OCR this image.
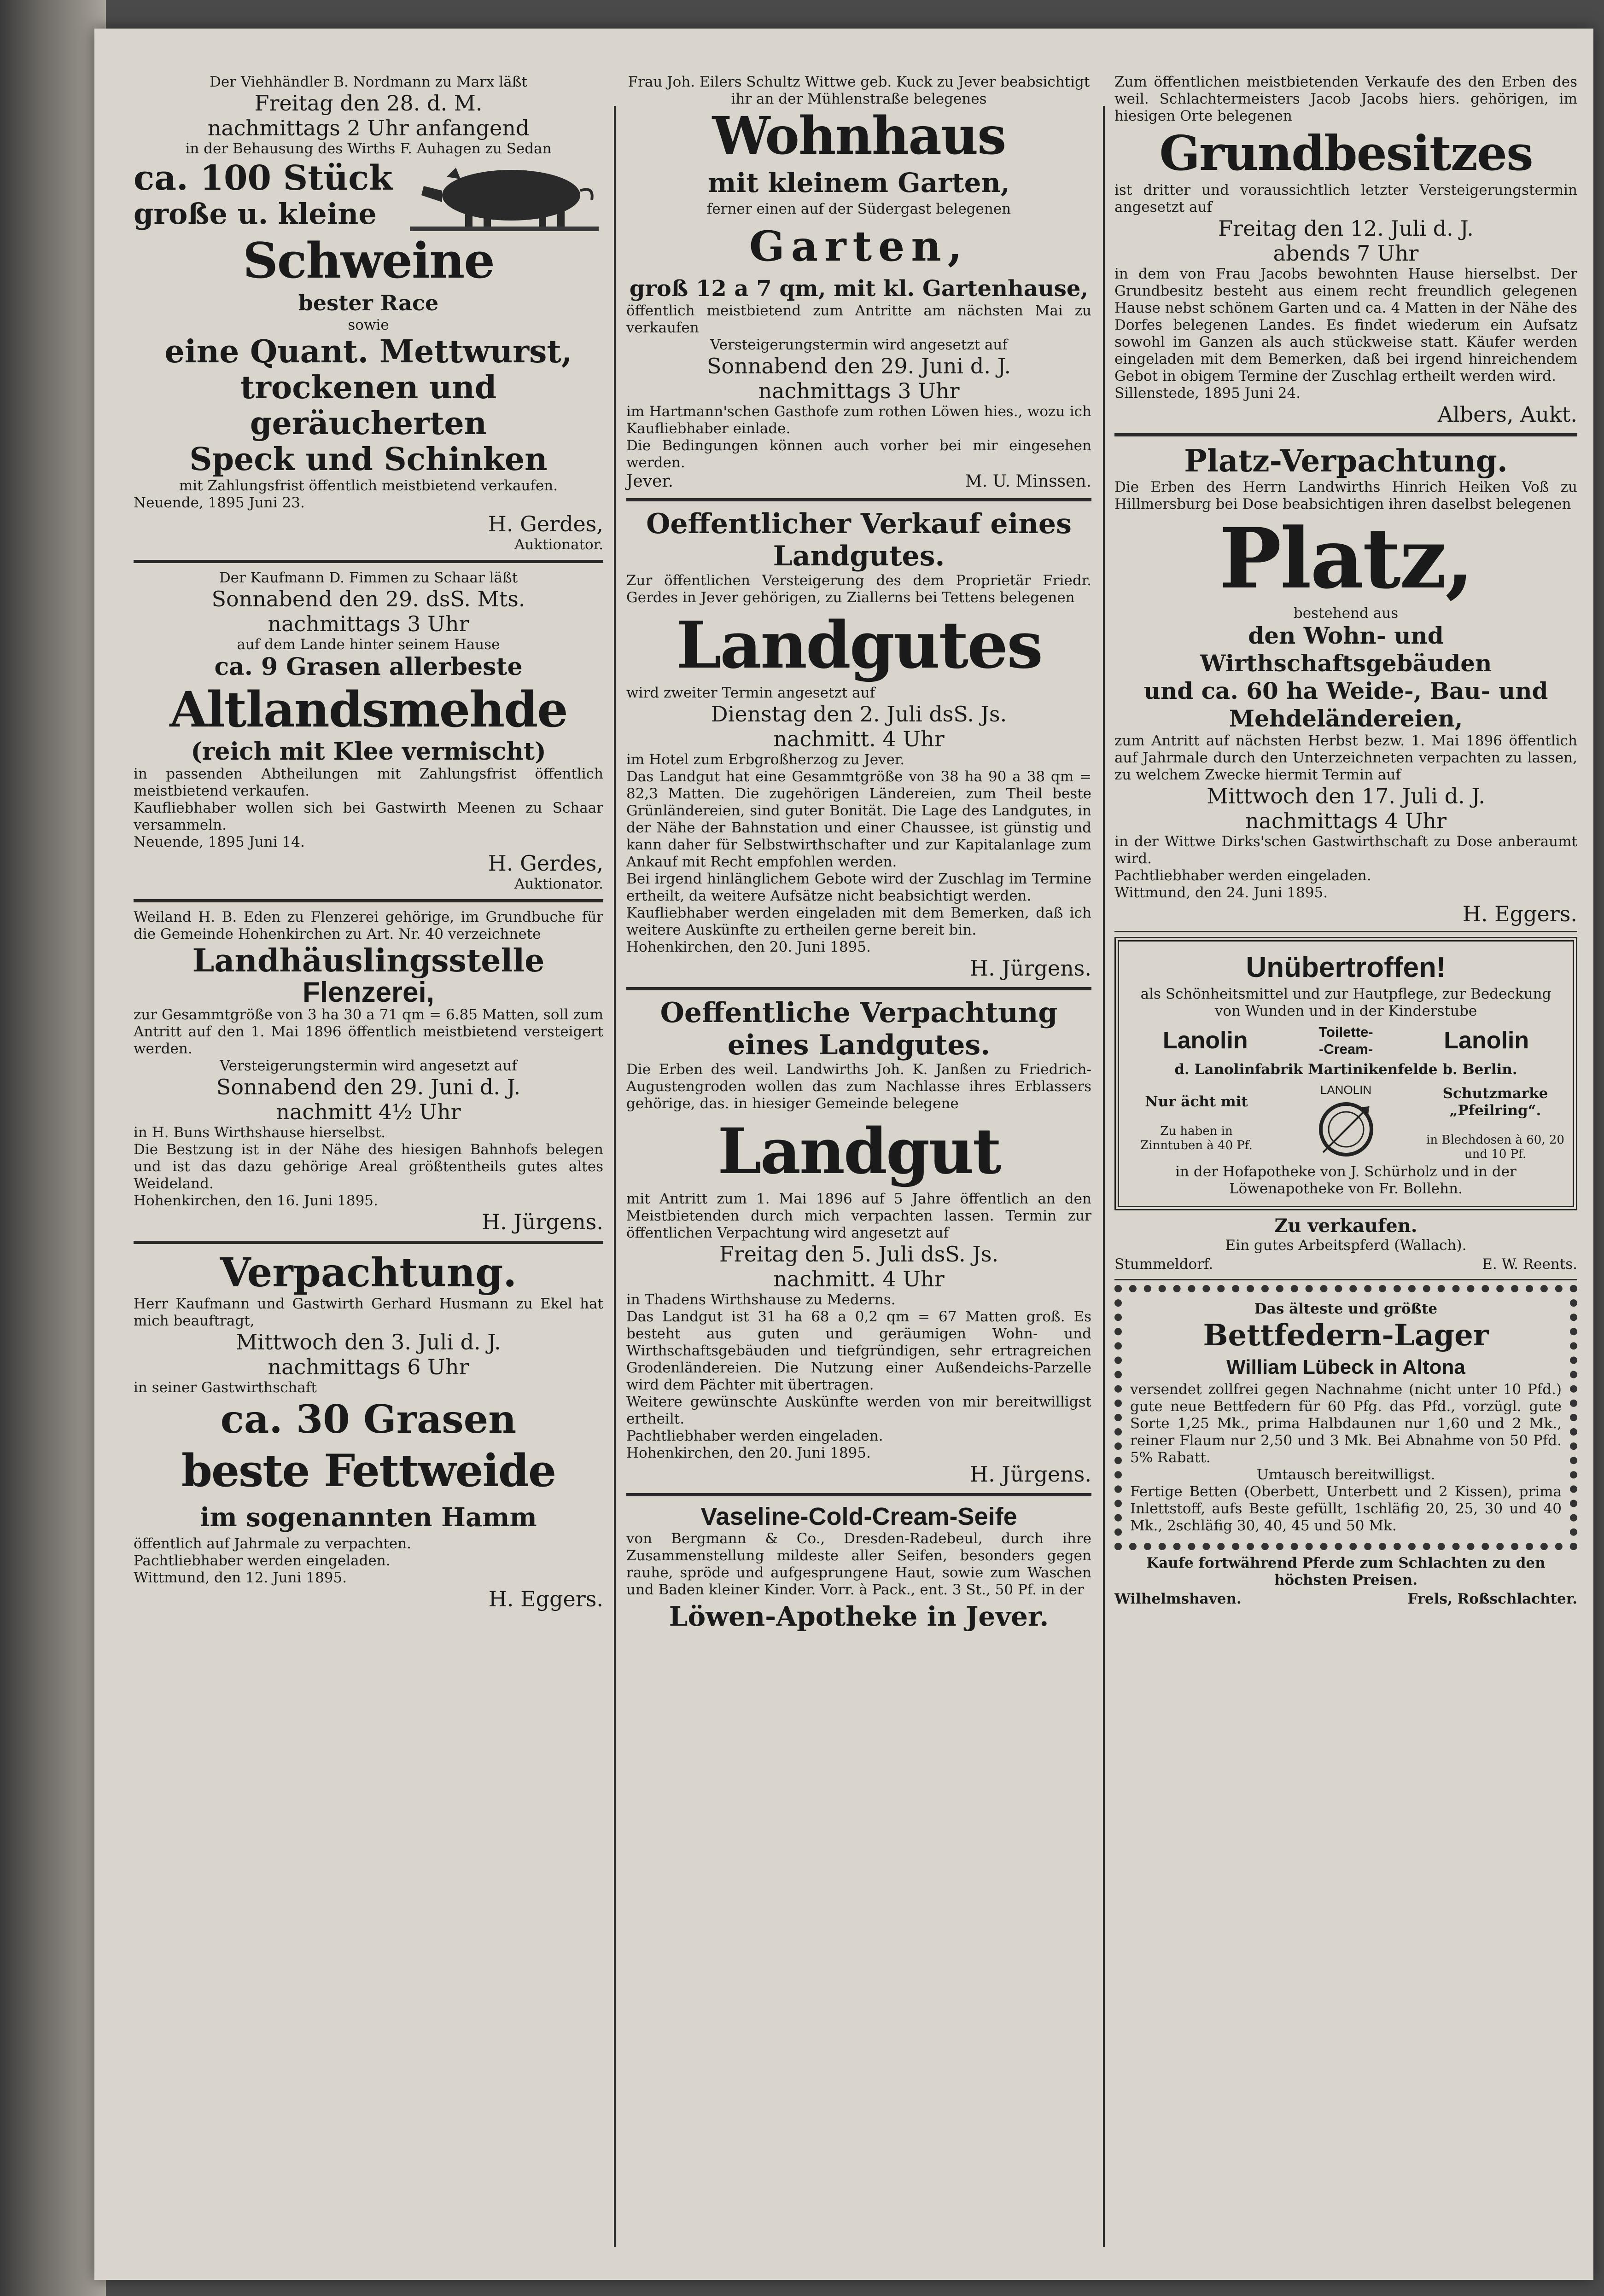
Der Viehhändler B. Nordmann zu Marx läßt

Freitag den 28. d. M.

nachmittags 2 Uhr anfangend

in der Behausung des Wirths F. Auhagen zu Sedan

ca. 100 Stück

große u. kleine

Schweine

bester Race

sowie

eine Quant. Mettwurst,

trockenen und geräucherten

Speck und Schinken

mit Zahlungsfrist öffentlich meistbietend verkaufen.

Neuende, 1895 Juni 23.

H. Gerdes,

Auktionator.

Der Kaufmann D. Fimmen zu Schaar läßt

Sonnabend den 29. dsS. Mts.

nachmittags 3 Uhr

auf dem Lande hinter seinem Hause

ca. 9 Grasen allerbeste

Altlandsmehde

(reich mit Klee vermischt)

in passenden Abtheilungen mit Zahlungsfrist öffentlich meistbietend verkaufen.

Kaufliebhaber wollen sich bei Gastwirth Meenen zu Schaar versammeln.

Neuende, 1895 Juni 14.

H. Gerdes,

Auktionator.

Weiland H. B. Eden zu Flenzerei gehörige, im Grundbuche für die Gemeinde Hohenkirchen zu Art. Nr. 40 verzeichnete

Landhäuslingsstelle

Flenzerei,

zur Gesammtgröße von 3 ha 30 a 71 qm = 6.85 Matten, soll zum Antritt auf den 1. Mai 1896 öffentlich meistbietend versteigert werden.

Versteigerungstermin wird angesetzt auf

Sonnabend den 29. Juni d. J.

nachmitt 4½ Uhr

in H. Buns Wirthshause hierselbst.

Die Bestzung ist in der Nähe des hiesigen Bahnhofs belegen und ist das dazu gehörige Areal größtentheils gutes altes Weideland.

Hohenkirchen, den 16. Juni 1895.

H. Jürgens.

Verpachtung.

Herr Kaufmann und Gastwirth Gerhard Husmann zu Ekel hat mich beauftragt,

Mittwoch den 3. Juli d. J.

nachmittags 6 Uhr

in seiner Gastwirthschaft

ca. 30 Grasen

beste Fettweide

im sogenannten Hamm

öffentlich auf Jahrmale zu verpachten.

Pachtliebhaber werden eingeladen.

Wittmund, den 12. Juni 1895.

H. Eggers.

Frau Joh. Eilers Schultz Wittwe geb. Kuck zu Jever beabsichtigt ihr an der Mühlenstraße belegenes

Wohnhaus

mit kleinem Garten,

ferner einen auf der Südergast belegenen

Garten,

groß 12 a 7 qm, mit kl. Gartenhause,

öffentlich meistbietend zum Antritte am nächsten Mai zu verkaufen

Versteigerungstermin wird angesetzt auf

Sonnabend den 29. Juni d. J.

nachmittags 3 Uhr

im Hartmann'schen Gasthofe zum rothen Löwen hies., wozu ich Kaufliebhaber einlade.

Die Bedingungen können auch vorher bei mir eingesehen werden.

Jever.	M. U. Minssen.

Oeffentlicher Verkauf eines Landgutes.

Zur öffentlichen Versteigerung des dem Proprietär Friedr. Gerdes in Jever gehörigen, zu Ziallerns bei Tettens belegenen

Landgutes

wird zweiter Termin angesetzt auf

Dienstag den 2. Juli dsS. Js.

nachmitt. 4 Uhr

im Hotel zum Erbgroßherzog zu Jever.

Das Landgut hat eine Gesammtgröße von 38 ha 90 a 38 qm = 82,3 Matten. Die zugehörigen Ländereien, zum Theil beste Grünländereien, sind guter Bonität. Die Lage des Landgutes, in der Nähe der Bahnstation und einer Chaussee, ist günstig und kann daher für Selbstwirthschafter und zur Kapitalanlage zum Ankauf mit Recht empfohlen werden.

Bei irgend hinlänglichem Gebote wird der Zuschlag im Termine ertheilt, da weitere Aufsätze nicht beabsichtigt werden.

Kaufliebhaber werden eingeladen mit dem Bemerken, daß ich weitere Auskünfte zu ertheilen gerne bereit bin.

Hohenkirchen, den 20. Juni 1895.

H. Jürgens.

Oeffentliche Verpachtung eines Landgutes.

Die Erben des weil. Landwirths Joh. K. Janßen zu Friedrich-Augustengroden wollen das zum Nachlasse ihres Erblassers gehörige, das. in hiesiger Gemeinde belegene

Landgut

mit Antritt zum 1. Mai 1896 auf 5 Jahre öffentlich an den Meistbietenden durch mich verpachten lassen. Termin zur öffentlichen Verpachtung wird angesetzt auf

Freitag den 5. Juli dsS. Js.

nachmitt. 4 Uhr

in Thadens Wirthshause zu Mederns.

Das Landgut ist 31 ha 68 a 0,2 qm = 67 Matten groß. Es besteht aus guten und geräumigen Wohn- und Wirthschaftsgebäuden und tiefgründigen, sehr ertragreichen Grodenländereien. Die Nutzung einer Außendeichs-Parzelle wird dem Pächter mit übertragen.

Weitere gewünschte Auskünfte werden von mir bereitwilligst ertheilt.

Pachtliebhaber werden eingeladen.

Hohenkirchen, den 20. Juni 1895.

H. Jürgens.

Vaseline-Cold-Cream-Seife

von Bergmann & Co., Dresden-Radebeul, durch ihre Zusammenstellung mildeste aller Seifen, besonders gegen rauhe, spröde und aufgesprungene Haut, sowie zum Waschen und Baden kleiner Kinder. Vorr. à Pack., ent. 3 St., 50 Pf. in der

Löwen-Apotheke in Jever.

Zum öffentlichen meistbietenden Verkaufe des den Erben des weil. Schlachtermeisters Jacob Jacobs hiers. gehörigen, im hiesigen Orte belegenen

Grundbesitzes

ist dritter und voraussichtlich letzter Versteigerungstermin angesetzt auf

Freitag den 12. Juli d. J.

abends 7 Uhr

in dem von Frau Jacobs bewohnten Hause hierselbst. Der Grundbesitz besteht aus einem recht freundlich gelegenen Hause nebst schönem Garten und ca. 4 Matten in der Nähe des Dorfes belegenen Landes. Es findet wiederum ein Aufsatz sowohl im Ganzen als auch stückweise statt. Käufer werden eingeladen mit dem Bemerken, daß bei irgend hinreichendem Gebot in obigem Termine der Zuschlag ertheilt werden wird.

Sillenstede, 1895 Juni 24.

Albers, Aukt.

Platz-Verpachtung.

Die Erben des Herrn Landwirths Hinrich Heiken Voß zu Hillmersburg bei Dose beabsichtigen ihren daselbst belegenen

Platz,

bestehend aus

den Wohn- und Wirthschaftsgebäuden

und ca. 60 ha Weide-, Bau- und

Mehdeländereien,

zum Antritt auf nächsten Herbst bezw. 1. Mai 1896 öffentlich auf Jahrmale durch den Unterzeichneten verpachten zu lassen, zu welchem Zwecke hiermit Termin auf

Mittwoch den 17. Juli d. J.

nachmittags 4 Uhr

in der Wittwe Dirks'schen Gastwirthschaft zu Dose anberaumt wird.

Pachtliebhaber werden eingeladen.

Wittmund, den 24. Juni 1895.

H. Eggers.

Unübertroffen!

als Schönheitsmittel und zur Hautpflege, zur Bedeckung von Wunden und in der Kinderstube

Lanolin	Toilette-
-Cream-	Lanolin

d. Lanolinfabrik Martinikenfelde b. Berlin.

Nur ächt mit

Zu haben in Zinntuben à 40 Pf.

LANOLIN	Schutzmarke „Pfeilring“.

in Blechdosen à 60, 20 und 10 Pf.

in der Hofapotheke von J. Schürholz und in der Löwenapotheke von Fr. Bollehn.

Zu verkaufen.

Ein gutes Arbeitspferd (Wallach).

Stummeldorf.	E. W. Reents.

Das älteste und größte

Bettfedern-Lager

William Lübeck in Altona

versendet zollfrei gegen Nachnahme (nicht unter 10 Pfd.) gute neue Bettfedern für 60 Pfg. das Pfd., vorzügl. gute Sorte 1,25 Mk., prima Halbdaunen nur 1,60 und 2 Mk., reiner Flaum nur 2,50 und 3 Mk. Bei Abnahme von 50 Pfd. 5% Rabatt.

Umtausch bereitwilligst.

Fertige Betten (Oberbett, Unterbett und 2 Kissen), prima Inlettstoff, aufs Beste gefüllt, 1schläfig 20, 25, 30 und 40 Mk., 2schläfig 30, 40, 45 und 50 Mk.

Kaufe fortwährend Pferde zum Schlachten zu den höchsten Preisen.

Wilhelmshaven.	Frels, Roßschlachter.
